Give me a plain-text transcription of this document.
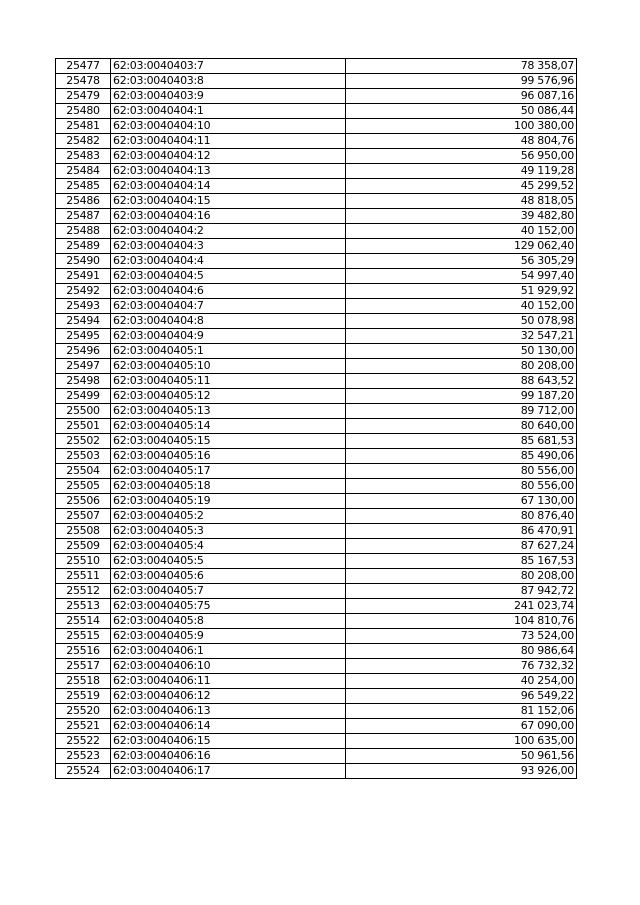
25477	62:03:0040403:7	78 358,07
25478	62:03:0040403:8	99 576,96
25479	62:03:0040403:9	96 087,16
25480	62:03:0040404:1	50 086,44
25481	62:03:0040404:10	100 380,00
25482	62:03:0040404:11	48 804,76
25483	62:03:0040404:12	56 950,00
25484	62:03:0040404:13	49 119,28
25485	62:03:0040404:14	45 299,52
25486	62:03:0040404:15	48 818,05
25487	62:03:0040404:16	39 482,80
25488	62:03:0040404:2	40 152,00
25489	62:03:0040404:3	129 062,40
25490	62:03:0040404:4	56 305,29
25491	62:03:0040404:5	54 997,40
25492	62:03:0040404:6	51 929,92
25493	62:03:0040404:7	40 152,00
25494	62:03:0040404:8	50 078,98
25495	62:03:0040404:9	32 547,21
25496	62:03:0040405:1	50 130,00
25497	62:03:0040405:10	80 208,00
25498	62:03:0040405:11	88 643,52
25499	62:03:0040405:12	99 187,20
25500	62:03:0040405:13	89 712,00
25501	62:03:0040405:14	80 640,00
25502	62:03:0040405:15	85 681,53
25503	62:03:0040405:16	85 490,06
25504	62:03:0040405:17	80 556,00
25505	62:03:0040405:18	80 556,00
25506	62:03:0040405:19	67 130,00
25507	62:03:0040405:2	80 876,40
25508	62:03:0040405:3	86 470,91
25509	62:03:0040405:4	87 627,24
25510	62:03:0040405:5	85 167,53
25511	62:03:0040405:6	80 208,00
25512	62:03:0040405:7	87 942,72
25513	62:03:0040405:75	241 023,74
25514	62:03:0040405:8	104 810,76
25515	62:03:0040405:9	73 524,00
25516	62:03:0040406:1	80 986,64
25517	62:03:0040406:10	76 732,32
25518	62:03:0040406:11	40 254,00
25519	62:03:0040406:12	96 549,22
25520	62:03:0040406:13	81 152,06
25521	62:03:0040406:14	67 090,00
25522	62:03:0040406:15	100 635,00
25523	62:03:0040406:16	50 961,56
25524	62:03:0040406:17	93 926,00
